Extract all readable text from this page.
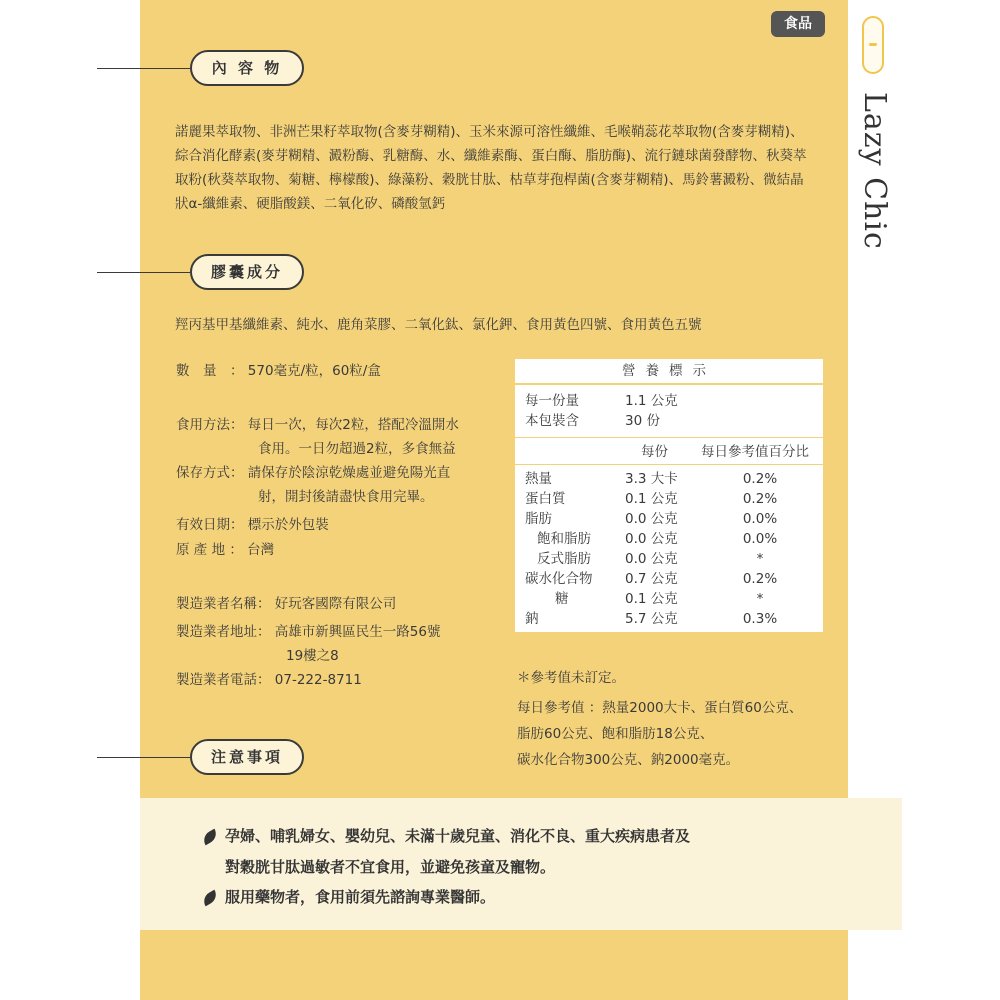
食品
Lazy Chic
內 容 物
諾麗果萃取物、非洲芒果籽萃取物(含麥芽糊精)、玉米來源可溶性纖維、毛喉鞘蕊花萃取物(含麥芽糊精)、綜合消化酵素(麥芽糊精、澱粉酶、乳糖酶、水、纖維素酶、蛋白酶、脂肪酶)、流行鏈球菌發酵物、秋葵萃取粉(秋葵萃取物、菊糖、檸檬酸)、綠藻粉、穀胱甘肽、枯草芽孢桿菌(含麥芽糊精)、馬鈴薯澱粉、微結晶狀α-纖維素、硬脂酸鎂、二氧化矽、磷酸氫鈣
膠囊成分
羥丙基甲基纖維素、純水、鹿角菜膠、二氧化鈦、氯化鉀、食用黃色四號、食用黃色五號
數　量　： 570毫克/粒，60粒/盒
食用方法： 每日一次，每次2粒，搭配冷溫開水
食用。一日勿超過2粒，多食無益
保存方式： 請保存於陰涼乾燥處並避免陽光直
射，開封後請盡快食用完畢。
有效日期： 標示於外包裝
原 產 地 ： 台灣
製造業者名稱： 好玩客國際有限公司
製造業者地址： 高雄市新興區民生一路56號
19樓之8
製造業者電話： 07-222-8711
營養標示
每一份量	1.1 公克
本包裝含	30 份
每份 每日參考值百分比
熱量	3.3 大卡	0.2%
蛋白質	0.1 公克	0.2%
脂肪	0.0 公克	0.0%
飽和脂肪	0.0 公克	0.0%
反式脂肪	0.0 公克	*
碳水化合物 0.7 公克	0.2%
糖	0.1 公克	*
鈉	5.7 公克	0.3%
＊參考值未訂定。
每日參考值 ：熱量2000大卡、蛋白質60公克、
脂肪60公克、飽和脂肪18公克、
碳水化合物300公克、鈉2000毫克。
注意事項
孕婦、哺乳婦女、嬰幼兒、未滿十歲兒童、消化不良、重大疾病患者及
對穀胱甘肽過敏者不宜食用，並避免孩童及寵物。
服用藥物者，食用前須先諮詢專業醫師。
